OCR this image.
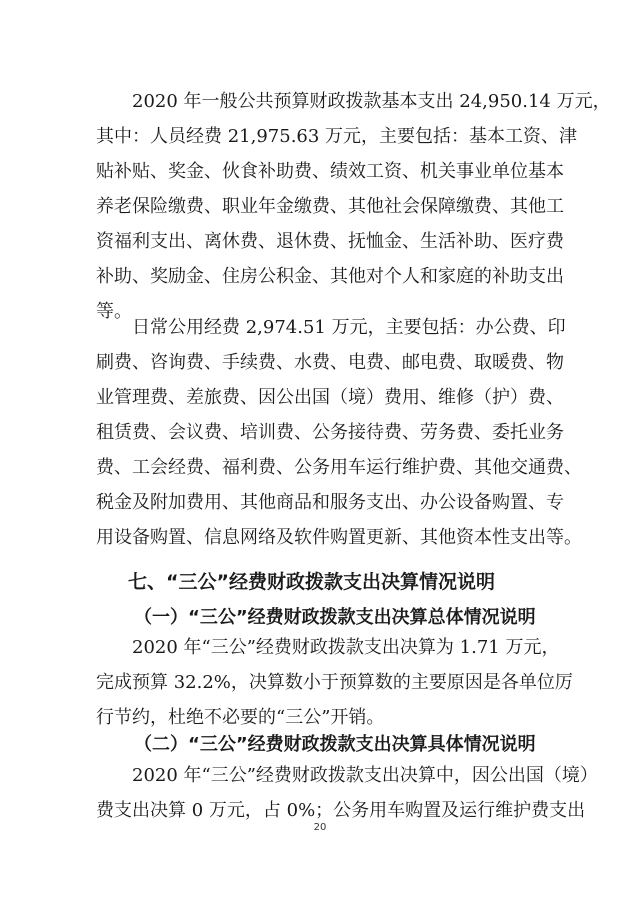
2020 年一般公共预算财政拨款基本支出 24,950.14 万元，
其中：人员经费 21,975.63 万元，主要包括：基本工资、津
贴补贴、奖金、伙食补助费、绩效工资、机关事业单位基本
养老保险缴费、职业年金缴费、其他社会保障缴费、其他工
资福利支出、离休费、退休费、抚恤金、生活补助、医疗费
补助、奖励金、住房公积金、其他对个人和家庭的补助支出
等。
日常公用经费 2,974.51 万元，主要包括：办公费、印
刷费、咨询费、手续费、水费、电费、邮电费、取暖费、物
业管理费、差旅费、因公出国（境）费用、维修（护）费、
租赁费、会议费、培训费、公务接待费、劳务费、委托业务
费、工会经费、福利费、公务用车运行维护费、其他交通费、
税金及附加费用、其他商品和服务支出、办公设备购置、专
用设备购置、信息网络及软件购置更新、其他资本性支出等。
七、“三公”经费财政拨款支出决算情况说明
（一）“三公”经费财政拨款支出决算总体情况说明
2020 年“三公”经费财政拨款支出决算为 1.71 万元，
完成预算 32.2%，决算数小于预算数的主要原因是各单位厉
行节约，杜绝不必要的“三公”开销。
（二）“三公”经费财政拨款支出决算具体情况说明
2020 年“三公”经费财政拨款支出决算中，因公出国（境）
费支出决算 0 万元，占 0%；公务用车购置及运行维护费支出
20
